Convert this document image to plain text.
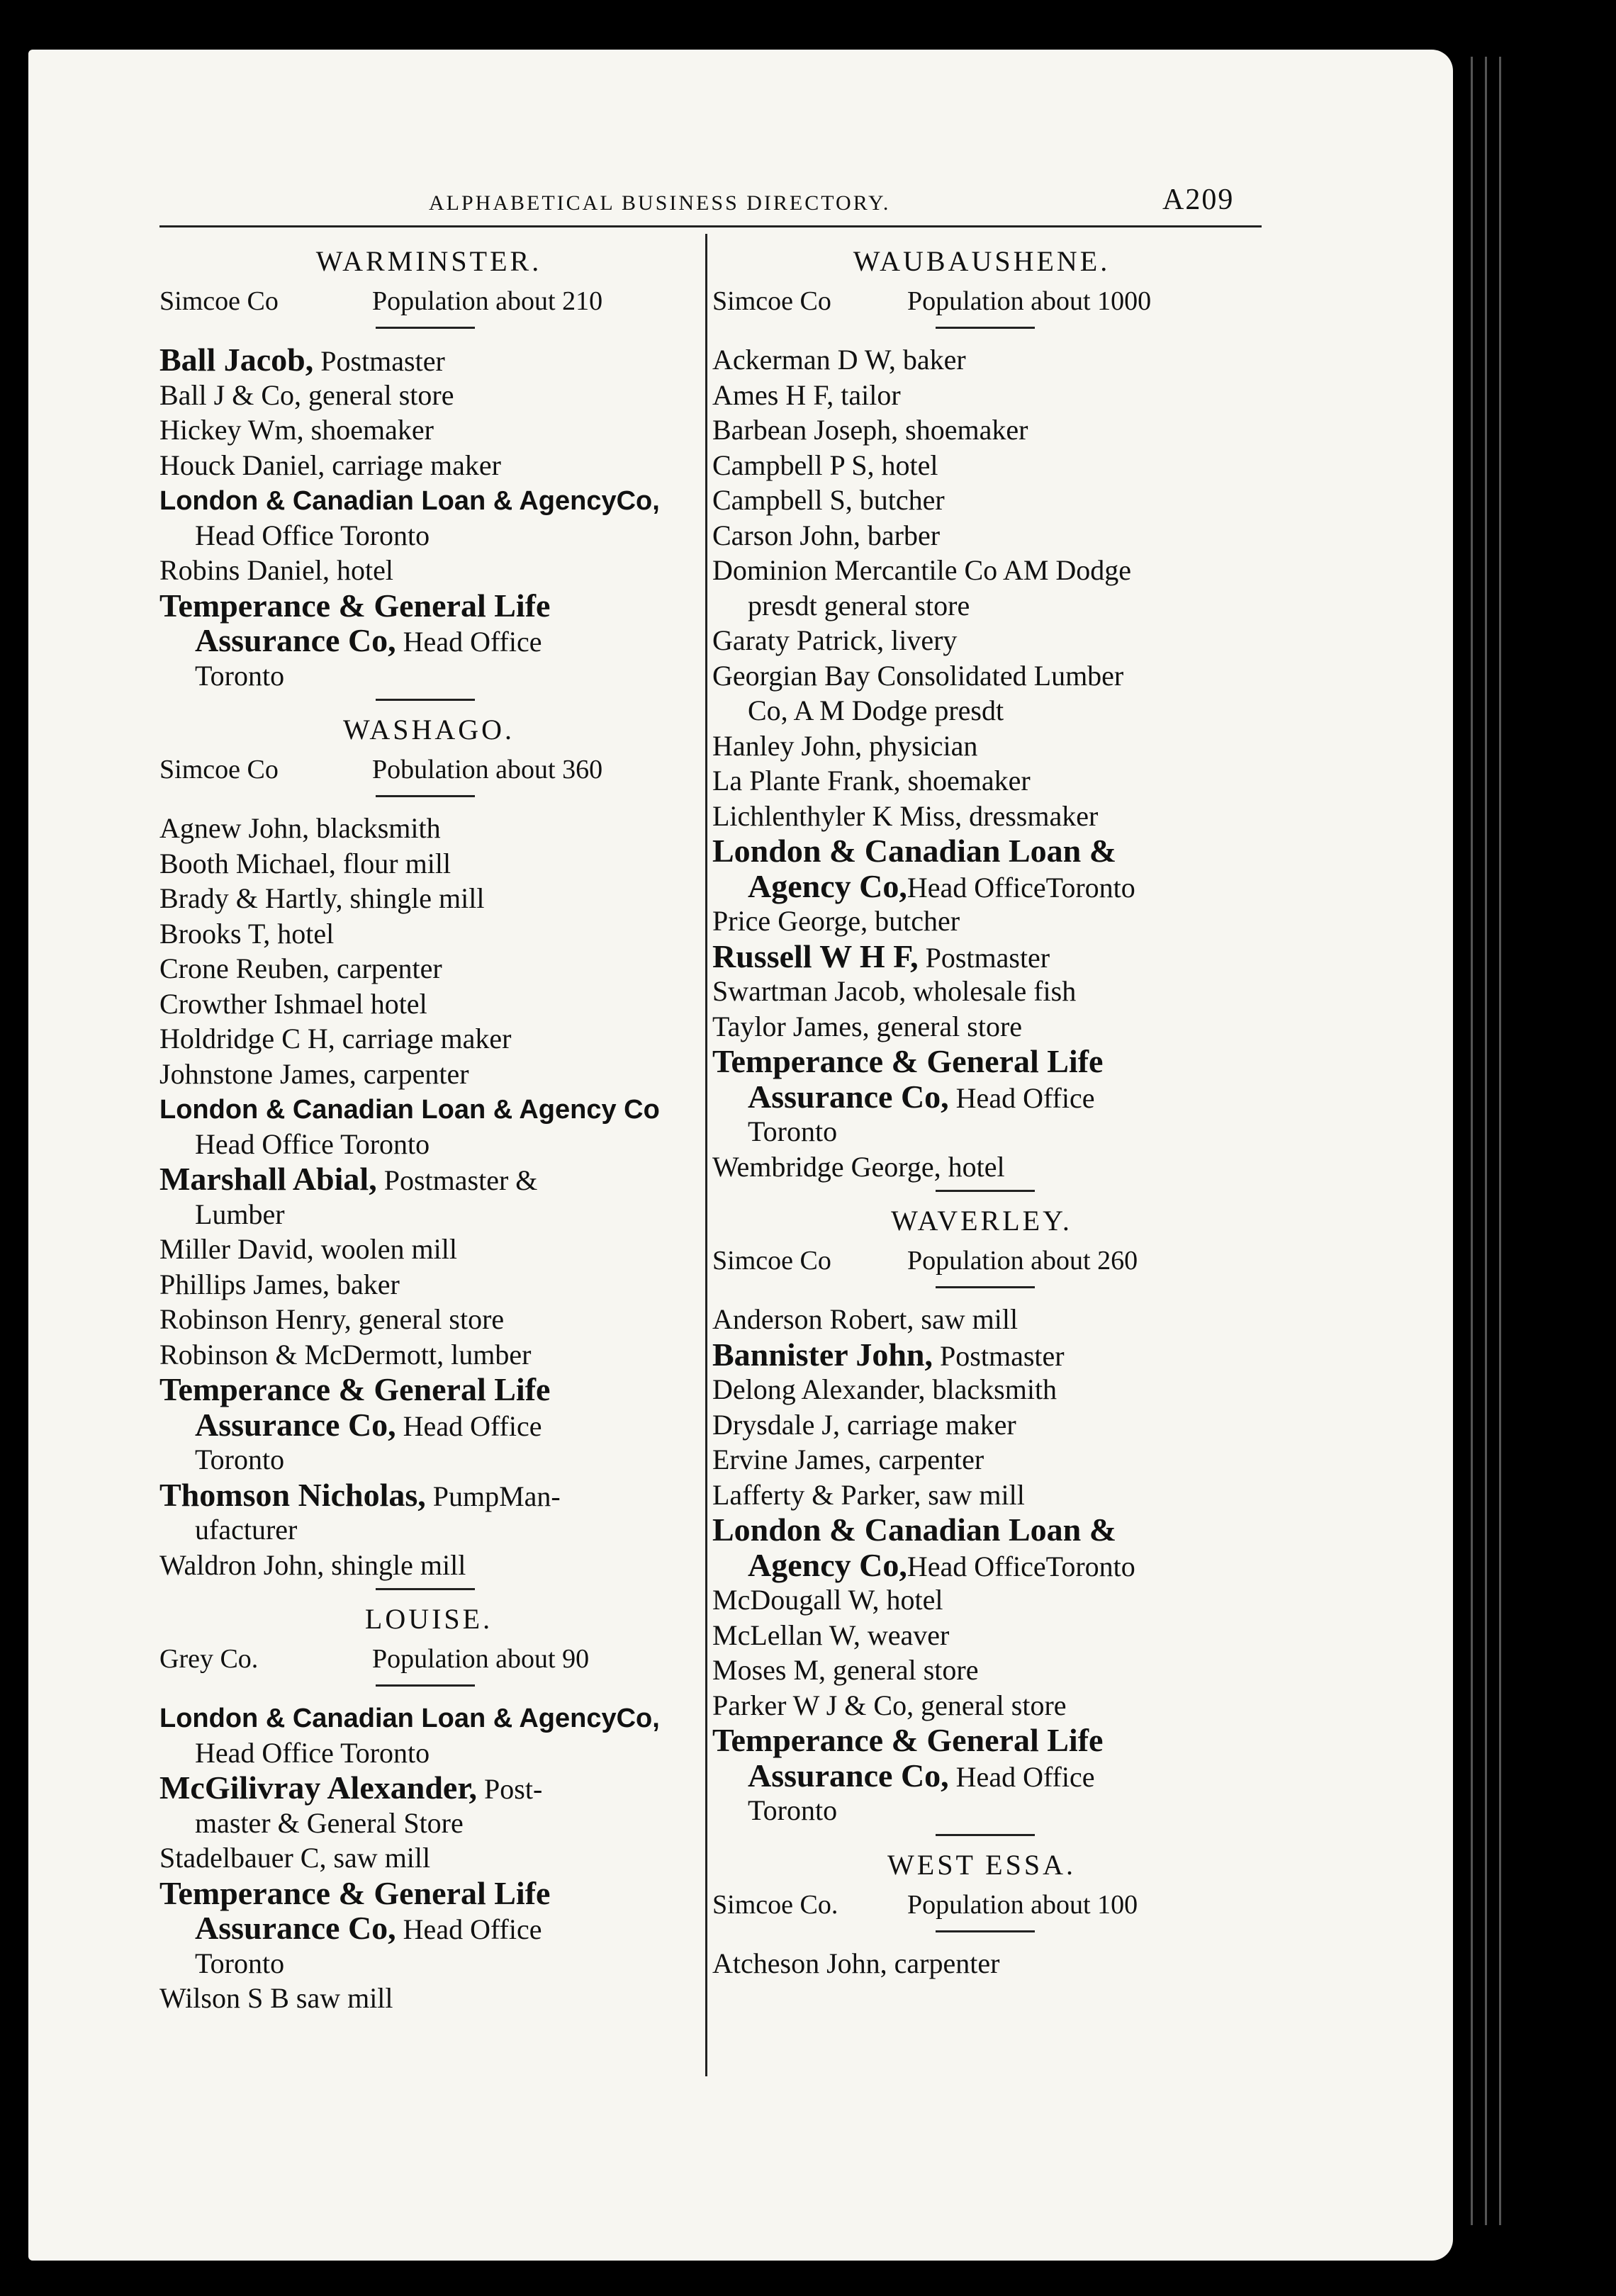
ALPHABETICAL BUSINESS DIRECTORY.	A209
WARMINSTER.
Simcoe Co	Population about 210
Ball Jacob, Postmaster
Ball J & Co, general store
Hickey Wm, shoemaker
Houck Daniel, carriage maker
London & Canadian Loan & AgencyCo,
Head Office Toronto
Robins Daniel, hotel
Temperance & General Life
Assurance Co, Head Office
Toronto
WASHAGO.
Simcoe Co	Pobulation about 360
Agnew John, blacksmith
Booth Michael, flour mill
Brady & Hartly, shingle mill
Brooks T, hotel
Crone Reuben, carpenter
Crowther Ishmael hotel
Holdridge C H, carriage maker
Johnstone James, carpenter
London & Canadian Loan & Agency Co
Head Office Toronto
Marshall Abial, Postmaster &
Lumber
Miller David, woolen mill
Phillips James, baker
Robinson Henry, general store
Robinson & McDermott, lumber
Temperance & General Life
Assurance Co, Head Office
Toronto
Thomson Nicholas, PumpMan-
ufacturer
Waldron John, shingle mill
LOUISE.
Grey Co.	Population about 90
London & Canadian Loan & AgencyCo,
Head Office Toronto
McGilivray Alexander, Post-
master & General Store
Stadelbauer C, saw mill
Temperance & General Life
Assurance Co, Head Office
Toronto
Wilson S B saw mill
WAUBAUSHENE.
Simcoe Co	Population about 1000
Ackerman D W, baker
Ames H F, tailor
Barbean Joseph, shoemaker
Campbell P S, hotel
Campbell S, butcher
Carson John, barber
Dominion Mercantile Co AM Dodge
presdt general store
Garaty Patrick, livery
Georgian Bay Consolidated Lumber
Co, A M Dodge presdt
Hanley John, physician
La Plante Frank, shoemaker
Lichlenthyler K Miss, dressmaker
London & Canadian Loan &
Agency Co,Head OfficeToronto
Price George, butcher
Russell W H F, Postmaster
Swartman Jacob, wholesale fish
Taylor James, general store
Temperance & General Life
Assurance Co, Head Office
Toronto
Wembridge George, hotel
WAVERLEY.
Simcoe Co	Population about 260
Anderson Robert, saw mill
Bannister John, Postmaster
Delong Alexander, blacksmith
Drysdale J, carriage maker
Ervine James, carpenter
Lafferty & Parker, saw mill
London & Canadian Loan &
Agency Co,Head OfficeToronto
McDougall W, hotel
McLellan W, weaver
Moses M, general store
Parker W J & Co, general store
Temperance & General Life
Assurance Co, Head Office
Toronto
WEST ESSA.
Simcoe Co.	Population about 100
Atcheson John, carpenter
